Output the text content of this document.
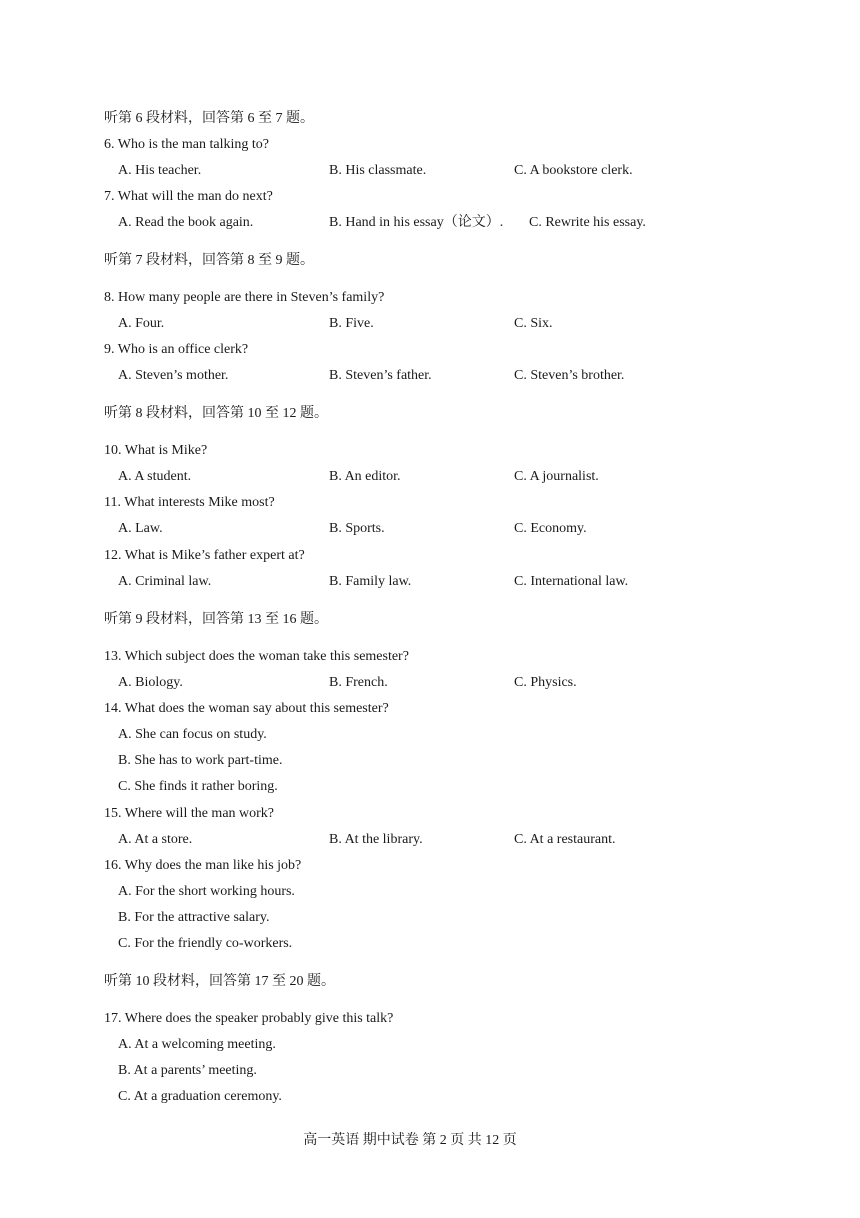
听第 6 段材料，回答第 6 至 7 题。
6. Who is the man talking to?
A. His teacher.	B. His classmate.	C. A bookstore clerk.
7. What will the man do next?
A. Read the book again.	B. Hand in his essay（论文）. C. Rewrite his essay.
听第 7 段材料，回答第 8 至 9 题。
8. How many people are there in Steven’s family?
A. Four.	B. Five.	C. Six.
9. Who is an office clerk?
A. Steven’s mother.	B. Steven’s father.	C. Steven’s brother.
听第 8 段材料，回答第 10 至 12 题。
10. What is Mike?
A. A student.	B. An editor.	C. A journalist.
11. What interests Mike most?
A. Law.	B. Sports.	C. Economy.
12. What is Mike’s father expert at?
A. Criminal law.	B. Family law.	C. International law.
听第 9 段材料，回答第 13 至 16 题。
13. Which subject does the woman take this semester?
A. Biology.	B. French.	C. Physics.
14. What does the woman say about this semester?
A. She can focus on study.
B. She has to work part-time.
C. She finds it rather boring.
15. Where will the man work?
A. At a store.	B. At the library.	C. At a restaurant.
16. Why does the man like his job?
A. For the short working hours.
B. For the attractive salary.
C. For the friendly co-workers.
听第 10 段材料，回答第 17 至 20 题。
17. Where does the speaker probably give this talk?
A. At a welcoming meeting.
B. At a parents’ meeting.
C. At a graduation ceremony.
高一英语 期中试卷 第 2 页 共 12 页
